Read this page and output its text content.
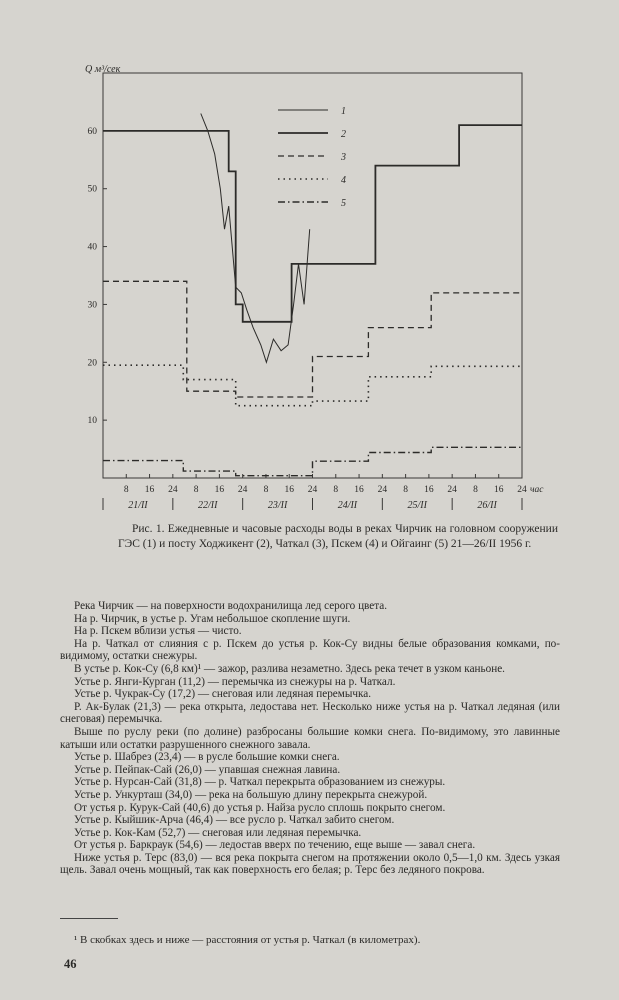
Q м³/сек
10
20
30
40
50
60
8 16 24 8 16 24 8 16 24 8 16 24 8 16 24 8 16 24 час
21/II	22/II	23/II	24/II	25/II	26/II
1
2
3
4
5
Рис. 1. Ежедневные и часовые расходы воды в реках Чирчик на головном сооружении ГЭС (1) и посту Ходжикент (2), Чаткал (3), Пскем (4) и Ойгаинг (5) 21—26/II 1956 г.

Река Чирчик — на поверхности водохранилища лед серого цвета.

На р. Чирчик, в устье р. Угам небольшое скопление шуги.

На р. Пскем вблизи устья — чисто.

На р. Чаткал от слияния с р. Пскем до устья р. Кок-Су видны белые образования комками, по-видимому, остатки снежуры.

В устье р. Кок-Су (6,8 км)¹ — зажор, разлива незаметно. Здесь река течет в узком каньоне.

Устье р. Янги-Курган (11,2) — перемычка из снежуры на р. Чаткал.

Устье р. Чукрак-Су (17,2) — снеговая или ледяная перемычка.

Р. Ак-Булак (21,3) — река открыта, ледостава нет. Несколько ниже устья на р. Чаткал ледяная (или снеговая) перемычка.

Выше по руслу реки (по долине) разбросаны большие комки снега. По-видимому, это лавинные катыши или остатки разрушенного снежного завала.

Устье р. Шабрез (23,4) — в русле большие комки снега.

Устье р. Пейпак-Сай (26,0) — упавшая снежная лавина.

Устье р. Нурсан-Сай (31,8) — р. Чаткал перекрыта образованием из снежуры.

Устье р. Ункурташ (34,0) — река на большую длину перекрыта снежурой.

От устья р. Курук-Сай (40,6) до устья р. Найза русло сплошь покрыто снегом.

Устье р. Кыйшик-Арча (46,4) — все русло р. Чаткал забито снегом.

Устье р. Кок-Кам (52,7) — снеговая или ледяная перемычка.

От устья р. Баркраук (54,6) — ледостав вверх по течению, еще выше — завал снега.

Ниже устья р. Терс (83,0) — вся река покрыта снегом на протяжении около 0,5—1,0 км. Здесь узкая щель. Завал очень мощный, так как поверхность его белая; р. Терс без ледяного покрова.

¹ В скобках здесь и ниже — расстояния от устья р. Чаткал (в километрах).
46
